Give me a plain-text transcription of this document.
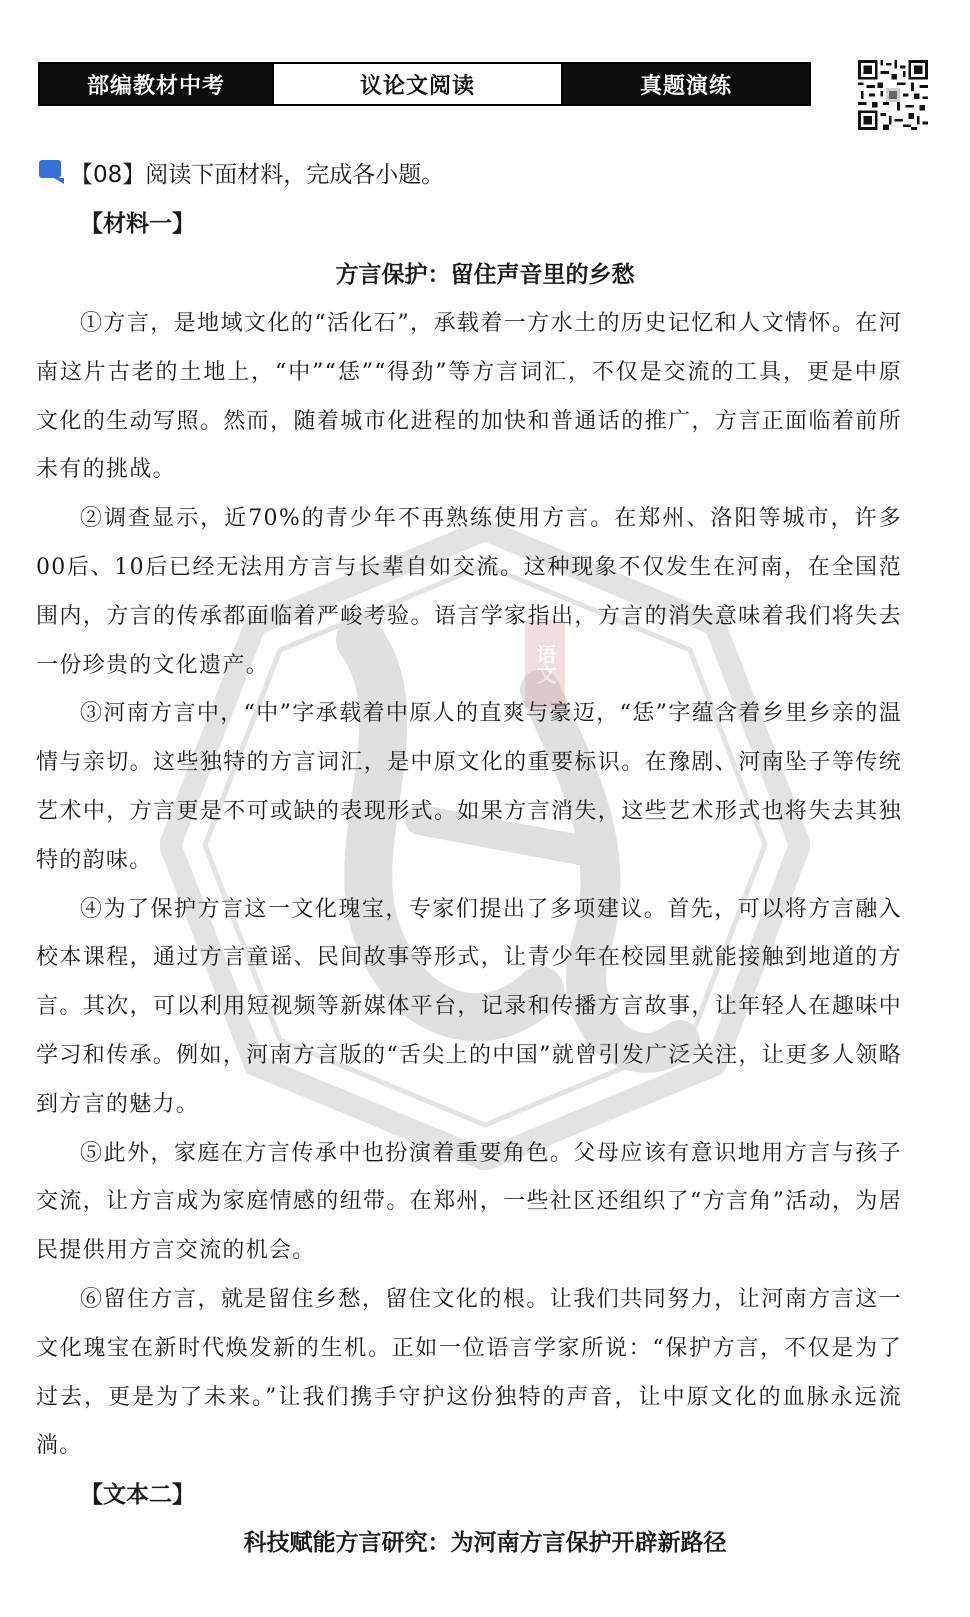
部编教材中考	议论文阅读	真题演练
语文
【08】阅读下面材料，完成各小题。
【材料一】
方言保护：留住声音里的乡愁

①方言，是地域文化的“活化石”，承载着一方水土的历史记忆和人文情怀。在河南这片古老的土地上，“中”“恁”“得劲”等方言词汇，不仅是交流的工具，更是中原文化的生动写照。然而，随着城市化进程的加快和普通话的推广，方言正面临着前所未有的挑战。

②调查显示，近70%的青少年不再熟练使用方言。在郑州、洛阳等城市，许多00后、10后已经无法用方言与长辈自如交流。这种现象不仅发生在河南，在全国范围内，方言的传承都面临着严峻考验。语言学家指出，方言的消失意味着我们将失去一份珍贵的文化遗产。

③河南方言中，“中”字承载着中原人的直爽与豪迈，“恁”字蕴含着乡里乡亲的温情与亲切。这些独特的方言词汇，是中原文化的重要标识。在豫剧、河南坠子等传统艺术中，方言更是不可或缺的表现形式。如果方言消失，这些艺术形式也将失去其独特的韵味。

④为了保护方言这一文化瑰宝，专家们提出了多项建议。首先，可以将方言融入校本课程，通过方言童谣、民间故事等形式，让青少年在校园里就能接触到地道的方言。其次，可以利用短视频等新媒体平台，记录和传播方言故事，让年轻人在趣味中学习和传承。例如，河南方言版的“舌尖上的中国”就曾引发广泛关注，让更多人领略到方言的魅力。

⑤此外，家庭在方言传承中也扮演着重要角色。父母应该有意识地用方言与孩子交流，让方言成为家庭情感的纽带。在郑州，一些社区还组织了“方言角”活动，为居民提供用方言交流的机会。

⑥留住方言，就是留住乡愁，留住文化的根。让我们共同努力，让河南方言这一文化瑰宝在新时代焕发新的生机。正如一位语言学家所说：“保护方言，不仅是为了过去，更是为了未来。”让我们携手守护这份独特的声音，让中原文化的血脉永远流淌。

【文本二】
科技赋能方言研究：为河南方言保护开辟新路径
